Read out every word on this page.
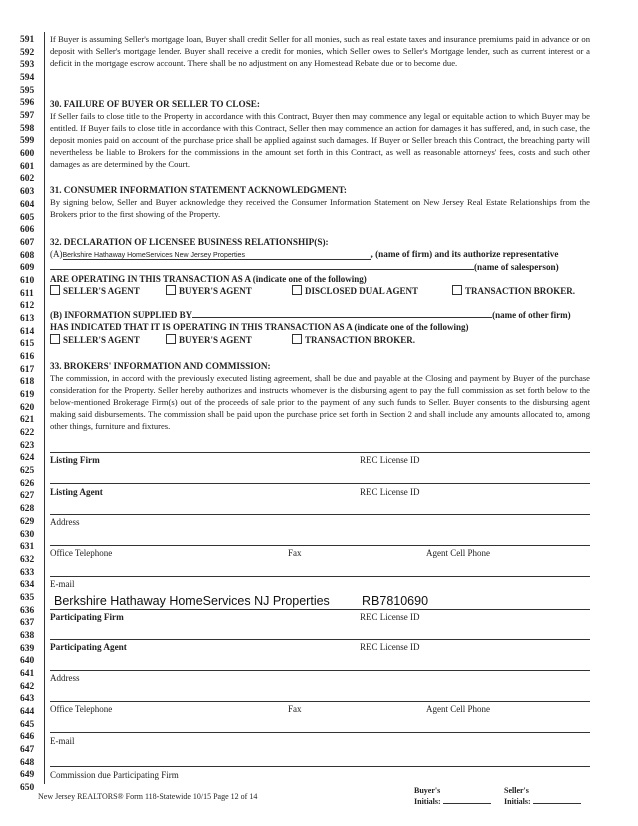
591
592
593
594
595
596
597
598
599
600
601
602
603
604
605
606
607
608
609
610
611
612
613
614
615
616
617
618
619
620
621
622
623
624
625
626
627
628
629
630
631
632
633
634
635
636
637
638
639
640
641
642
643
644
645
646
647
648
649
650
If Buyer is assuming Seller's mortgage loan, Buyer shall credit Seller for all monies, such as real estate taxes and insurance premiums paid in advance or on deposit with Seller's mortgage lender. Buyer shall receive a credit for monies, which Seller owes to Seller's Mortgage lender, such as current interest or a deficit in the mortgage escrow account. There shall be no adjustment on any Homestead Rebate due or to become due.
30. FAILURE OF BUYER OR SELLER TO CLOSE:
If Seller fails to close title to the Property in accordance with this Contract, Buyer then may commence any legal or equitable action to which Buyer may be entitled. If Buyer fails to close title in accordance with this Contract, Seller then may commence an action for damages it has suffered, and, in such case, the deposit monies paid on account of the purchase price shall be applied against such damages. If Buyer or Seller breach this Contract, the breaching party will nevertheless be liable to Brokers for the commissions in the amount set forth in this Contract, as well as reasonable attorneys' fees, costs and such other damages as are determined by the Court.
31. CONSUMER INFORMATION STATEMENT ACKNOWLEDGMENT:
By signing below, Seller and Buyer acknowledge they received the Consumer Information Statement on New Jersey Real Estate Relationships from the Brokers prior to the first showing of the Property.
32. DECLARATION OF LICENSEE BUSINESS RELATIONSHIP(S):
(A)Berkshire Hathaway HomeServices New Jersey Properties	, (name of firm) and its authorize representative
(name of salesperson)
ARE OPERATING IN THIS TRANSACTION AS A (indicate one of the following)
SELLER'S AGENT	BUYER'S AGENT	DISCLOSED DUAL AGENT	TRANSACTION BROKER.
(B) INFORMATION SUPPLIED BY	(name of other firm)
HAS INDICATED THAT IT IS OPERATING IN THIS TRANSACTION AS A (indicate one of the following)
SELLER'S AGENT	BUYER'S AGENT	TRANSACTION BROKER.
33. BROKERS' INFORMATION AND COMMISSION:
The commission, in accord with the previously executed listing agreement, shall be due and payable at the Closing and payment by Buyer of the purchase consideration for the Property. Seller hereby authorizes and instructs whomever is the disbursing agent to pay the full commission as set forth below to the below-mentioned Brokerage Firm(s) out of the proceeds of sale prior to the payment of any such funds to Seller. Buyer consents to the disbursing agent making said disbursements. The commission shall be paid upon the purchase price set forth in Section 2 and shall include any amounts allocated to, among other things, furniture and fixtures.
Listing Firm	REC License ID
Listing Agent	REC License ID
Address
Office Telephone	Fax	Agent Cell Phone
E-mail
Berkshire Hathaway HomeServices NJ Properties	RB7810690
Participating Firm	REC License ID
Participating Agent	REC License ID
Address
Office Telephone	Fax	Agent Cell Phone
E-mail
Commission due Participating Firm
New Jersey REALTORS® Form 118-Statewide 10/15 Page 12 of 14
Buyer's
Initials:
Seller's
Initials:
